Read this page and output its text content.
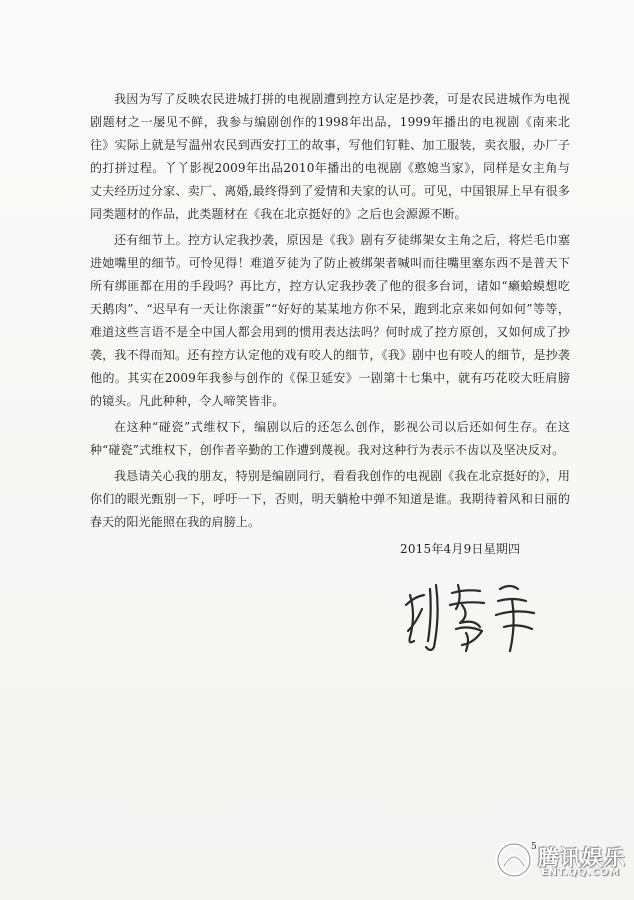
我因为写了反映农民进城打拼的电视剧遭到控方认定是抄袭，可是农民进城作为电视剧题材之一屡见不鲜，我参与编剧创作的1998年出品，1999年播出的电视剧《南来北往》实际上就是写温州农民到西安打工的故事，写他们钉鞋、加工服装，卖衣服，办厂子的打拼过程。丫丫影视2009年出品2010年播出的电视剧《憨媳当家》，同样是女主角与丈夫经历过分家、卖厂、离婚,最终得到了爱情和夫家的认可。可见，中国银屏上早有很多同类题材的作品，此类题材在《我在北京挺好的》之后也会源源不断。

还有细节上。控方认定我抄袭，原因是《我》剧有歹徒绑架女主角之后，将烂毛巾塞进她嘴里的细节。可怜见得！难道歹徒为了防止被绑架者喊叫而往嘴里塞东西不是普天下所有绑匪都在用的手段吗？再比方，控方认定我抄袭了他的很多台词，诸如“癞蛤蟆想吃天鹅肉”、“迟早有一天让你滚蛋”“好好的某某地方你不呆，跑到北京来如何如何”等等，难道这些言语不是全中国人都会用到的惯用表达法吗？何时成了控方原创，又如何成了抄袭，我不得而知。还有控方认定他的戏有咬人的细节，《我》剧中也有咬人的细节，是抄袭他的。其实在2009年我参与创作的《保卫延安》一剧第十七集中，就有巧花咬大旺肩膀的镜头。凡此种种，令人啼笑皆非。

在这种“碰瓷”式维权下，编剧以后的还怎么创作，影视公司以后还如何生存。在这种“碰瓷”式维权下，创作者辛勤的工作遭到蔑视。我对这种行为表示不齿以及坚决反对。

我恳请关心我的朋友，特别是编剧同行，看看我创作的电视剧《我在北京挺好的》，用你们的眼光甄别一下，呼吁一下，否则，明天躺枪中弹不知道是谁。我期待着风和日丽的春天的阳光能照在我的肩膀上。

2015年4月9日星期四
5 腾讯娱乐
ENT.QQ.COM
